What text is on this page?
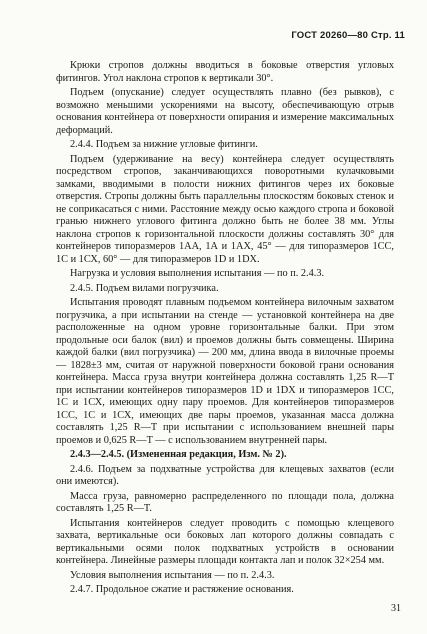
ГОСТ 20260—80 Стр. 11

Крюки стропов должны вводиться в боковые отверстия угловых фитингов. Угол наклона стропов к вертикали 30°.

Подъем (опускание) следует осуществлять плавно (без рывков), с возможно меньшими ускорениями на высоту, обеспечивающую отрыв основания контейнера от поверхности опирания и измерение максимальных деформаций.

2.4.4. Подъем за нижние угловые фитинги.

Подъем (удерживание на весу) контейнера следует осуществлять посредством стропов, заканчивающихся поворотными кулачковыми замками, вводимыми в полости нижних фитингов через их боковые отверстия. Стропы должны быть параллельны плоскостям боковых стенок и не соприкасаться с ними. Расстояние между осью каждого стропа и боковой гранью нижнего углового фитинга должно быть не более 38 мм. Углы наклона стропов к горизонтальной плоскости должны составлять 30° для контейнеров типоразмеров 1АА, 1А и 1АХ, 45° — для типоразмеров 1СС, 1С и 1СХ, 60° — для типоразмеров 1D и 1DX.

Нагрузка и условия выполнения испытания — по п. 2.4.3.

2.4.5. Подъем вилами погрузчика.

Испытания проводят плавным подъемом контейнера вилочным захватом погрузчика, а при испытании на стенде — установкой контейнера на две расположенные на одном уровне горизонтальные балки. При этом продольные оси балок (вил) и проемов должны быть совмещены. Ширина каждой балки (вил погрузчика) — 200 мм, длина ввода в вилочные проемы — 1828±3 мм, считая от наружной поверхности боковой грани основания контейнера. Масса груза внутри контейнера должна составлять 1,25 R—T при испытании контейнеров типоразмеров 1D и 1DX и типоразмеров 1СС, 1С и 1СХ, имеющих одну пару проемов. Для контейнеров типоразмеров 1СС, 1С и 1СХ, имеющих две пары проемов, указанная масса должна составлять 1,25 R—T при испытании с использованием внешней пары проемов и 0,625 R—T — с использованием внутренней пары.

2.4.3—2.4.5. (Измененная редакция, Изм. № 2).

2.4.6. Подъем за подхватные устройства для клещевых захватов (если они имеются).

Масса груза, равномерно распределенного по площади пола, должна составлять 1,25 R—T.

Испытания контейнеров следует проводить с помощью клещевого захвата, вертикальные оси боковых лап которого должны совпадать с вертикальными осями полок подхватных устройств в основании контейнера. Линейные размеры площади контакта лап и полок 32×254 мм.

Условия выполнения испытания — по п. 2.4.3.

2.4.7. Продольное сжатие и растяжение основания.

31
